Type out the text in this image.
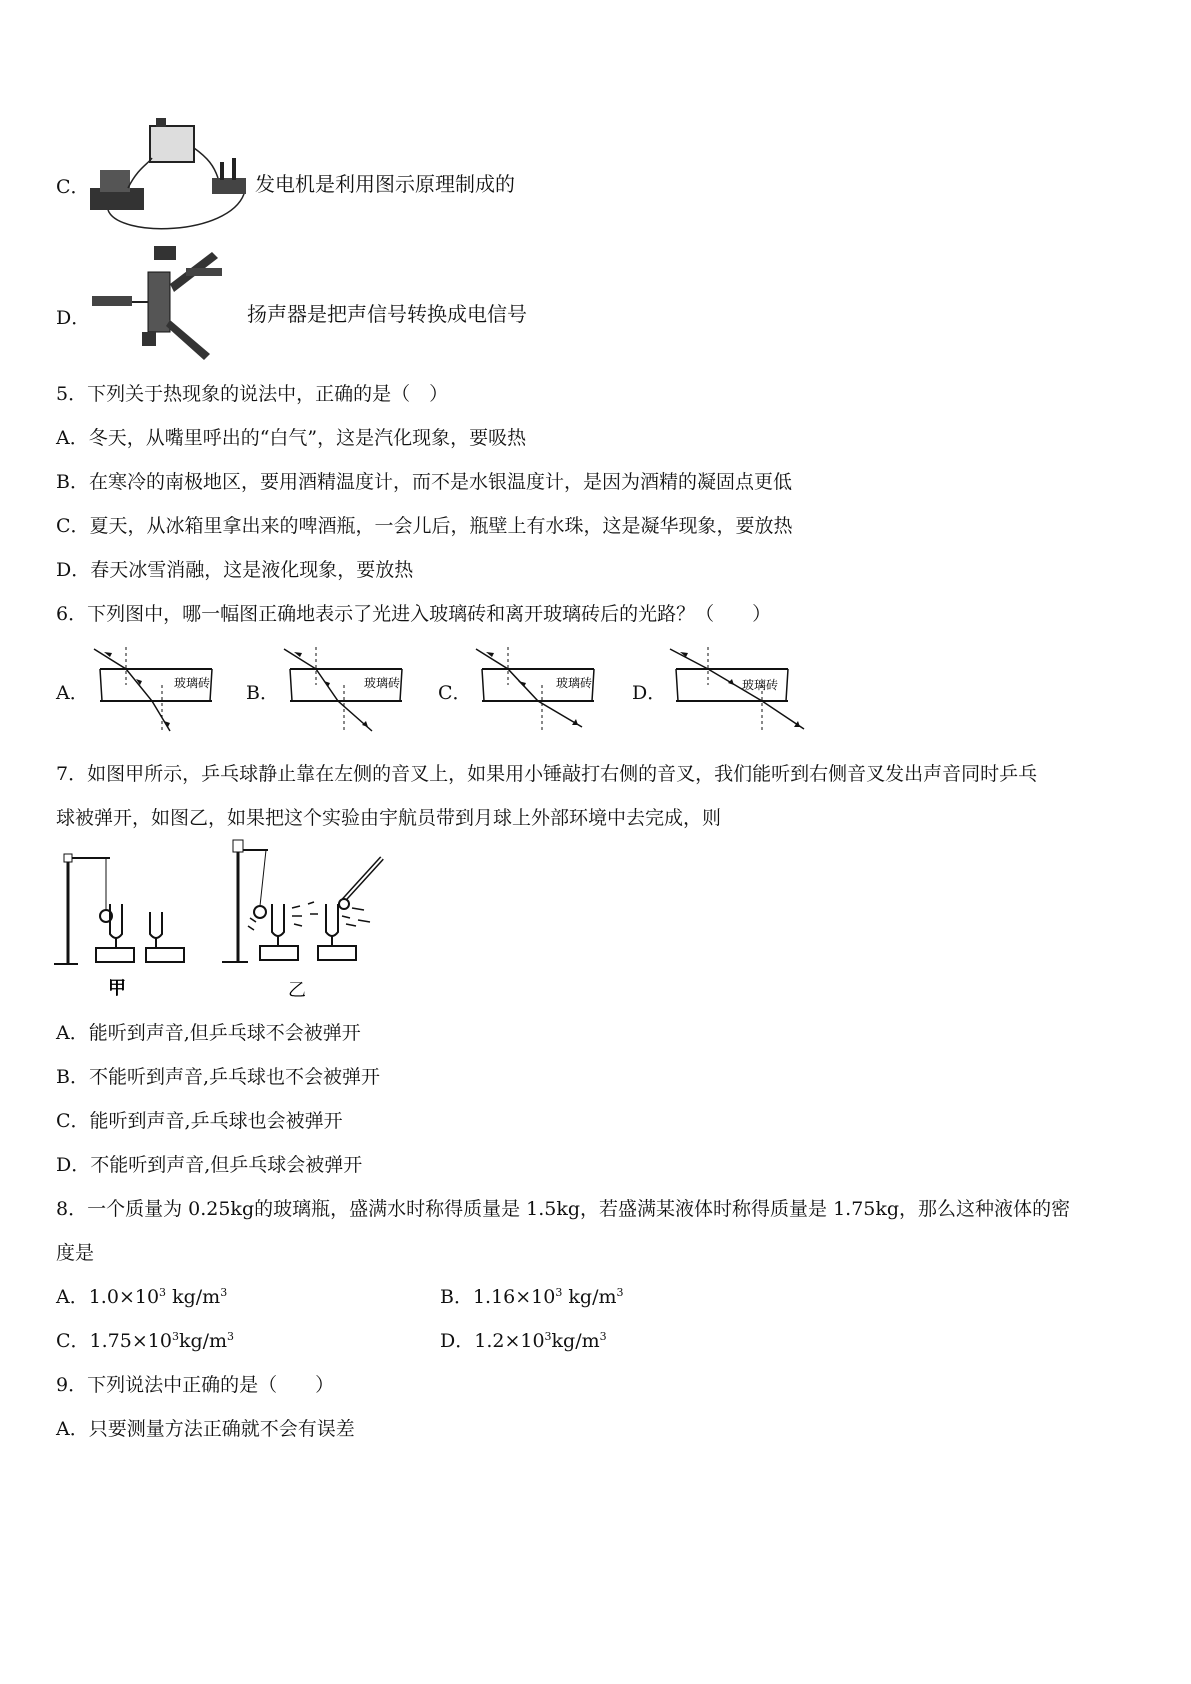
C．	发电机是利用图示原理制成的
D．	扬声器是把声信号转换成电信号
5．下列关于热现象的说法中，正确的是（　）
A．冬天，从嘴里呼出的“白气”，这是汽化现象，要吸热
B．在寒冷的南极地区，要用酒精温度计，而不是水银温度计，是因为酒精的凝固点更低
C．夏天，从冰箱里拿出来的啤酒瓶，一会儿后，瓶壁上有水珠，这是凝华现象，要放热
D．春天冰雪消融，这是液化现象，要放热
6．下列图中，哪一幅图正确地表示了光进入玻璃砖和离开玻璃砖后的光路？（　　）
A．	玻璃砖 B．	玻璃砖 C．	玻璃砖 D．	玻璃砖
7．如图甲所示，乒乓球静止靠在左侧的音叉上，如果用小锤敲打右侧的音叉，我们能听到右侧音叉发出声音同时乒乓
球被弹开，如图乙，如果把这个实验由宇航员带到月球上外部环境中去完成，则
甲	乙
A．能听到声音,但乒乓球不会被弹开
B．不能听到声音,乒乓球也不会被弹开
C．能听到声音,乒乓球也会被弹开
D．不能听到声音,但乒乓球会被弹开
8．一个质量为 0.25kg的玻璃瓶，盛满水时称得质量是 1.5kg，若盛满某液体时称得质量是 1.75kg，那么这种液体的密
度是
A．$1.0\times 10^3$ $kg/m^3$	B．$1.16\times 10^3$ $kg/m^3$
C．$1.75\times 10^3kg/m^3$	D．$1.2\times 10^3kg/m^3$
9．下列说法中正确的是（　　）
A．只要测量方法正确就不会有误差
